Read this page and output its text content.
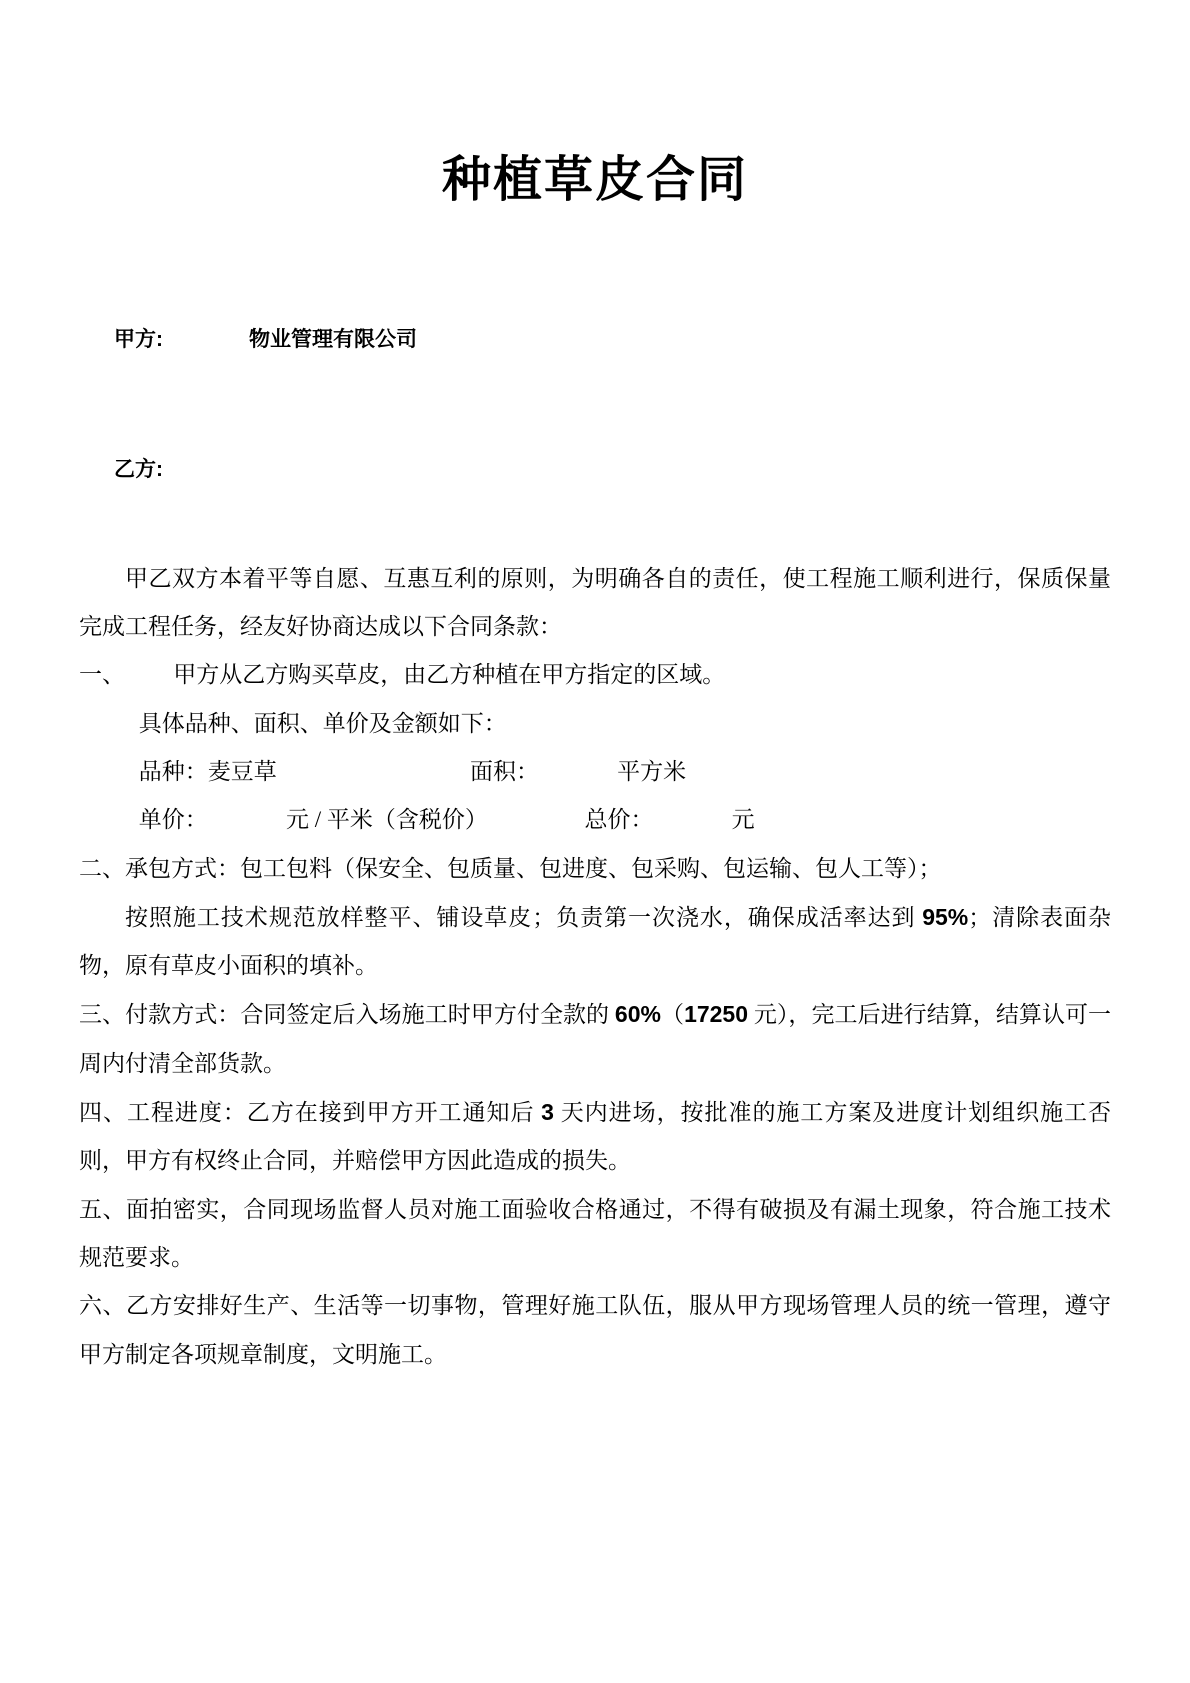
种植草皮合同

甲方:	物业管理有限公司

乙方:

甲乙双方本着平等自愿、互惠互利的原则，为明确各自的责任，使工程施工顺利进行，保质保量完成工程任务，经友好协商达成以下合同条款：

一、 甲方从乙方购买草皮，由乙方种植在甲方指定的区域。

具体品种、面积、单价及金额如下：

品种：麦豆草	面积：	平方米

单价：	元 / 平米（含税价）	总价：	元

二、承包方式：包工包料（保安全、包质量、包进度、包采购、包运输、包人工等）；

按照施工技术规范放样整平、铺设草皮；负责第一次浇水，确保成活率达到 95%；清除表面杂物，原有草皮小面积的填补。

三、付款方式：合同签定后入场施工时甲方付全款的 60%（17250 元），完工后进行结算，结算认可一周内付清全部货款。

四、工程进度：乙方在接到甲方开工通知后 3 天内进场，按批准的施工方案及进度计划组织施工否则，甲方有权终止合同，并赔偿甲方因此造成的损失。

五、面拍密实，合同现场监督人员对施工面验收合格通过，不得有破损及有漏土现象，符合施工技术规范要求。

六、乙方安排好生产、生活等一切事物，管理好施工队伍，服从甲方现场管理人员的统一管理，遵守甲方制定各项规章制度，文明施工。
